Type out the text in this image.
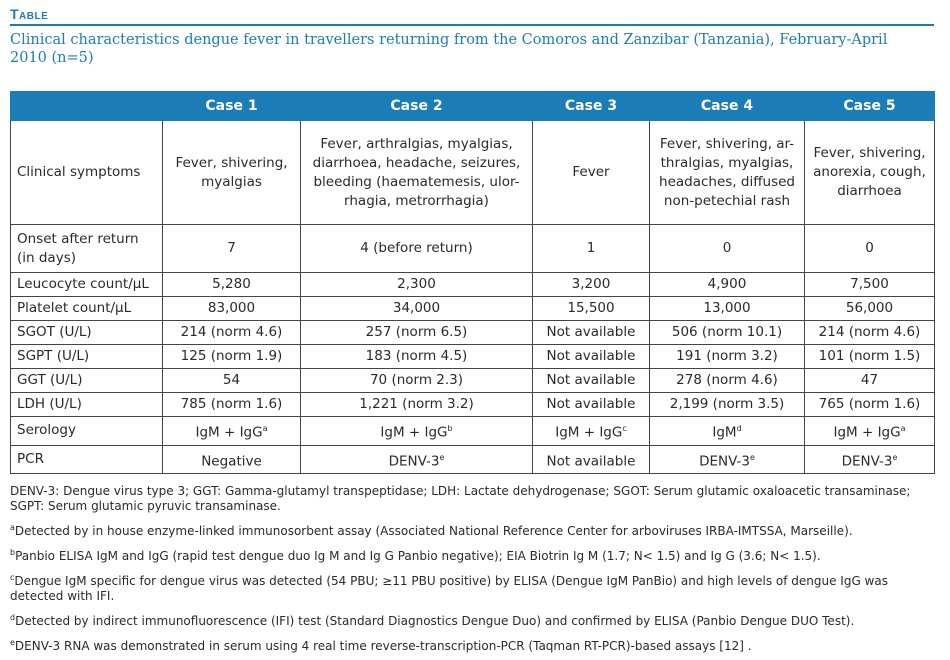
Table
Clinical characteristics dengue fever in travellers returning from the Comoros and Zanzibar (Tanzania), February-April 2010 (n=5)
	Case 1	Case 2	Case 3	Case 4	Case 5
Clinical symptoms	Fever, shivering, myalgias	Fever, arthralgias, myalgias, diarrhoea, headache, seizures, bleeding (haematemesis, ulor-rhagia, metrorrhagia)	Fever	Fever, shivering, ar-thralgias, myalgias, headaches, diffused non-petechial rash	Fever, shivering, anorexia, cough, diarrhoea
Onset after return (in days)	7	4 (before return)	1	0	0
Leucocyte count/µL	5,280	2,300	3,200	4,900	7,500
Platelet count/µL	83,000	34,000	15,500	13,000	56,000
SGOT (U/L)	214 (norm 4.6)	257 (norm 6.5)	Not available	506 (norm 10.1)	214 (norm 4.6)
SGPT (U/L)	125 (norm 1.9)	183 (norm 4.5)	Not available	191 (norm 3.2)	101 (norm 1.5)
GGT (U/L)	54	70 (norm 2.3)	Not available	278 (norm 4.6)	47
LDH (U/L)	785 (norm 1.6)	1,221 (norm 3.2)	Not available	2,199 (norm 3.5)	765 (norm 1.6)
Serology	IgM + IgG$^a$	IgM + IgG$^b$	IgM + IgG$^c$	IgM$^d$	IgM + IgG$^a$
PCR	Negative	DENV-3e	Not available	DENV-3e	DENV-3e

DENV-3: Dengue virus type 3; GGT: Gamma-glutamyl transpeptidase; LDH: Lactate dehydrogenase; SGOT: Serum glutamic oxaloacetic transaminase; SGPT: Serum glutamic pyruvic transaminase.

$^a$Detected by in house enzyme-linked immunosorbent assay (Associated National Reference Center for arboviruses IRBA-IMTSSA, Marseille).

$^b$Panbio ELISA IgM and IgG (rapid test dengue duo Ig M and Ig G Panbio negative); EIA Biotrin Ig M (1.7; N< 1.5) and Ig G (3.6; N< 1.5).

$^c$Dengue IgM specific for dengue virus was detected (54 PBU; ≥11 PBU positive) by ELISA (Dengue IgM PanBio) and high levels of dengue IgG was detected with IFI.

$^d$Detected by indirect immunofluorescence (IFI) test (Standard Diagnostics Dengue Duo) and confirmed by ELISA (Panbio Dengue DUO Test).

$^e$DENV-3 RNA was demonstrated in serum using 4 real time reverse-transcription-PCR (Taqman RT-PCR)-based assays [12] .
